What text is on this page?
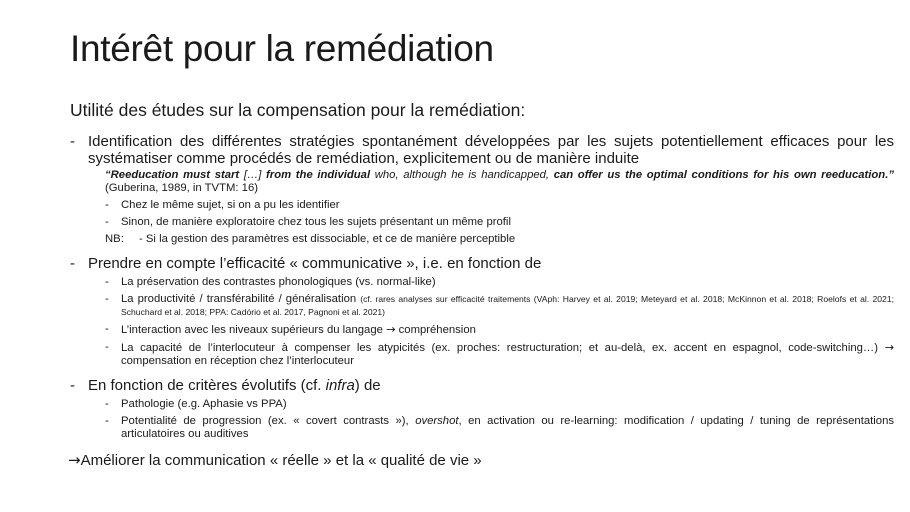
Intérêt pour la remédiation
Utilité des études sur la compensation pour la remédiation:
- Identification des différentes stratégies spontanément développées par les sujets potentiellement efficaces pour les systématiser comme procédés de remédiation, explicitement ou de manière induite
“Reeducation must start […] from the individual who, although he is handicapped, can offer us the optimal conditions for his own reeducation.” (Guberina, 1989, in TVTM: 16)
-	Chez le même sujet, si on a pu les identifier
-	Sinon, de manière exploratoire chez tous les sujets présentant un même profil
NB: - Si la gestion des paramètres est dissociable, et ce de manière perceptible
- Prendre en compte l’efficacité « communicative », i.e. en fonction de
-	La préservation des contrastes phonologiques (vs. normal-like)
-	La productivité / transférabilité / généralisation (cf. rares analyses sur efficacité traitements (VAph: Harvey et al. 2019; Meteyard et al. 2018; McKinnon et al. 2018; Roelofs et al. 2021; Schuchard et al. 2018; PPA: Cadório et al. 2017, Pagnoni et al. 2021)
-	L’interaction avec les niveaux supérieurs du langage → compréhension
-	La capacité de l’interlocuteur à compenser les atypicités (ex. proches: restructuration; et au-delà, ex. accent en espagnol, code-switching…) → compensation en réception chez l’interlocuteur
- En fonction de critères évolutifs (cf. infra) de
-	Pathologie (e.g. Aphasie vs PPA)
-	Potentialité de progression (ex. « covert contrasts »), overshot, en activation ou re-learning: modification / updating / tuning de représentations articulatoires ou auditives
→Améliorer la communication « réelle » et la « qualité de vie »
